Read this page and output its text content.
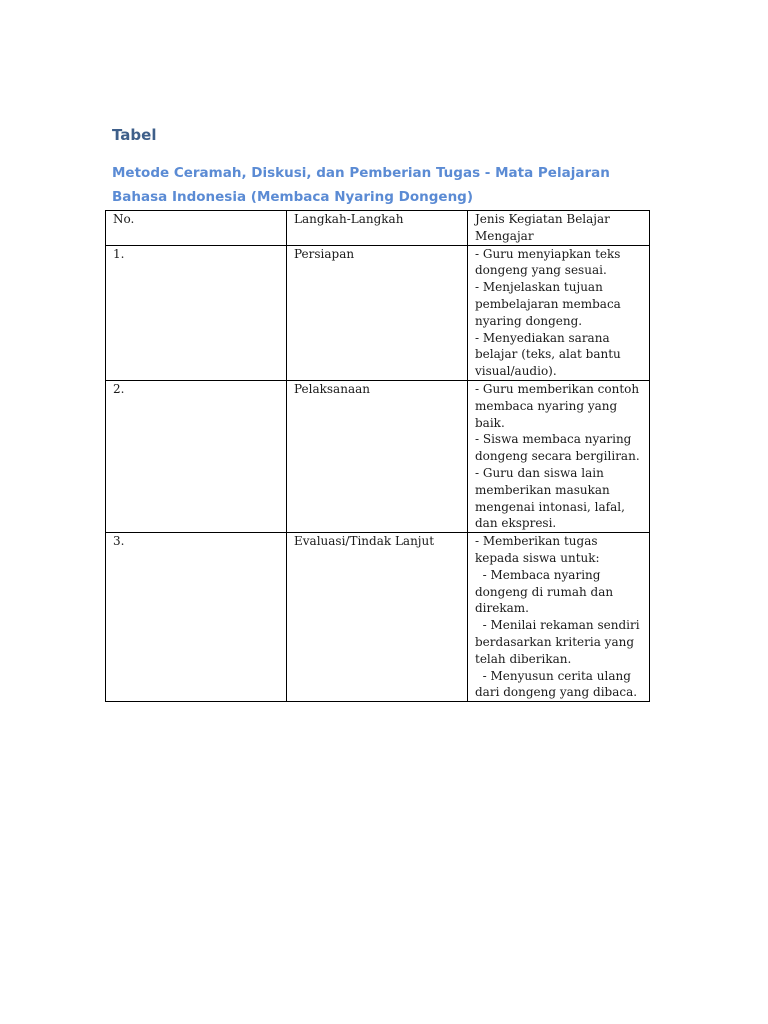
Tabel
Metode Ceramah, Diskusi, dan Pemberian Tugas - Mata Pelajaran Bahasa Indonesia (Membaca Nyaring Dongeng)
No.	Langkah-Langkah	Jenis Kegiatan Belajar Mengajar
1.	Persiapan	- Guru menyiapkan teks dongeng yang sesuai.
- Menjelaskan tujuan pembelajaran membaca nyaring dongeng.
- Menyediakan sarana belajar (teks, alat bantu visual/audio).

2.	Pelaksanaan	- Guru memberikan contoh membaca nyaring yang baik.
- Siswa membaca nyaring dongeng secara bergiliran.
- Guru dan siswa lain memberikan masukan mengenai intonasi, lafal, dan ekspresi.

3.	Evaluasi/Tindak Lanjut	- Memberikan tugas kepada siswa untuk:
- Membaca nyaring dongeng di rumah dan direkam.
- Menilai rekaman sendiri berdasarkan kriteria yang telah diberikan.
- Menyusun cerita ulang dari dongeng yang dibaca.
